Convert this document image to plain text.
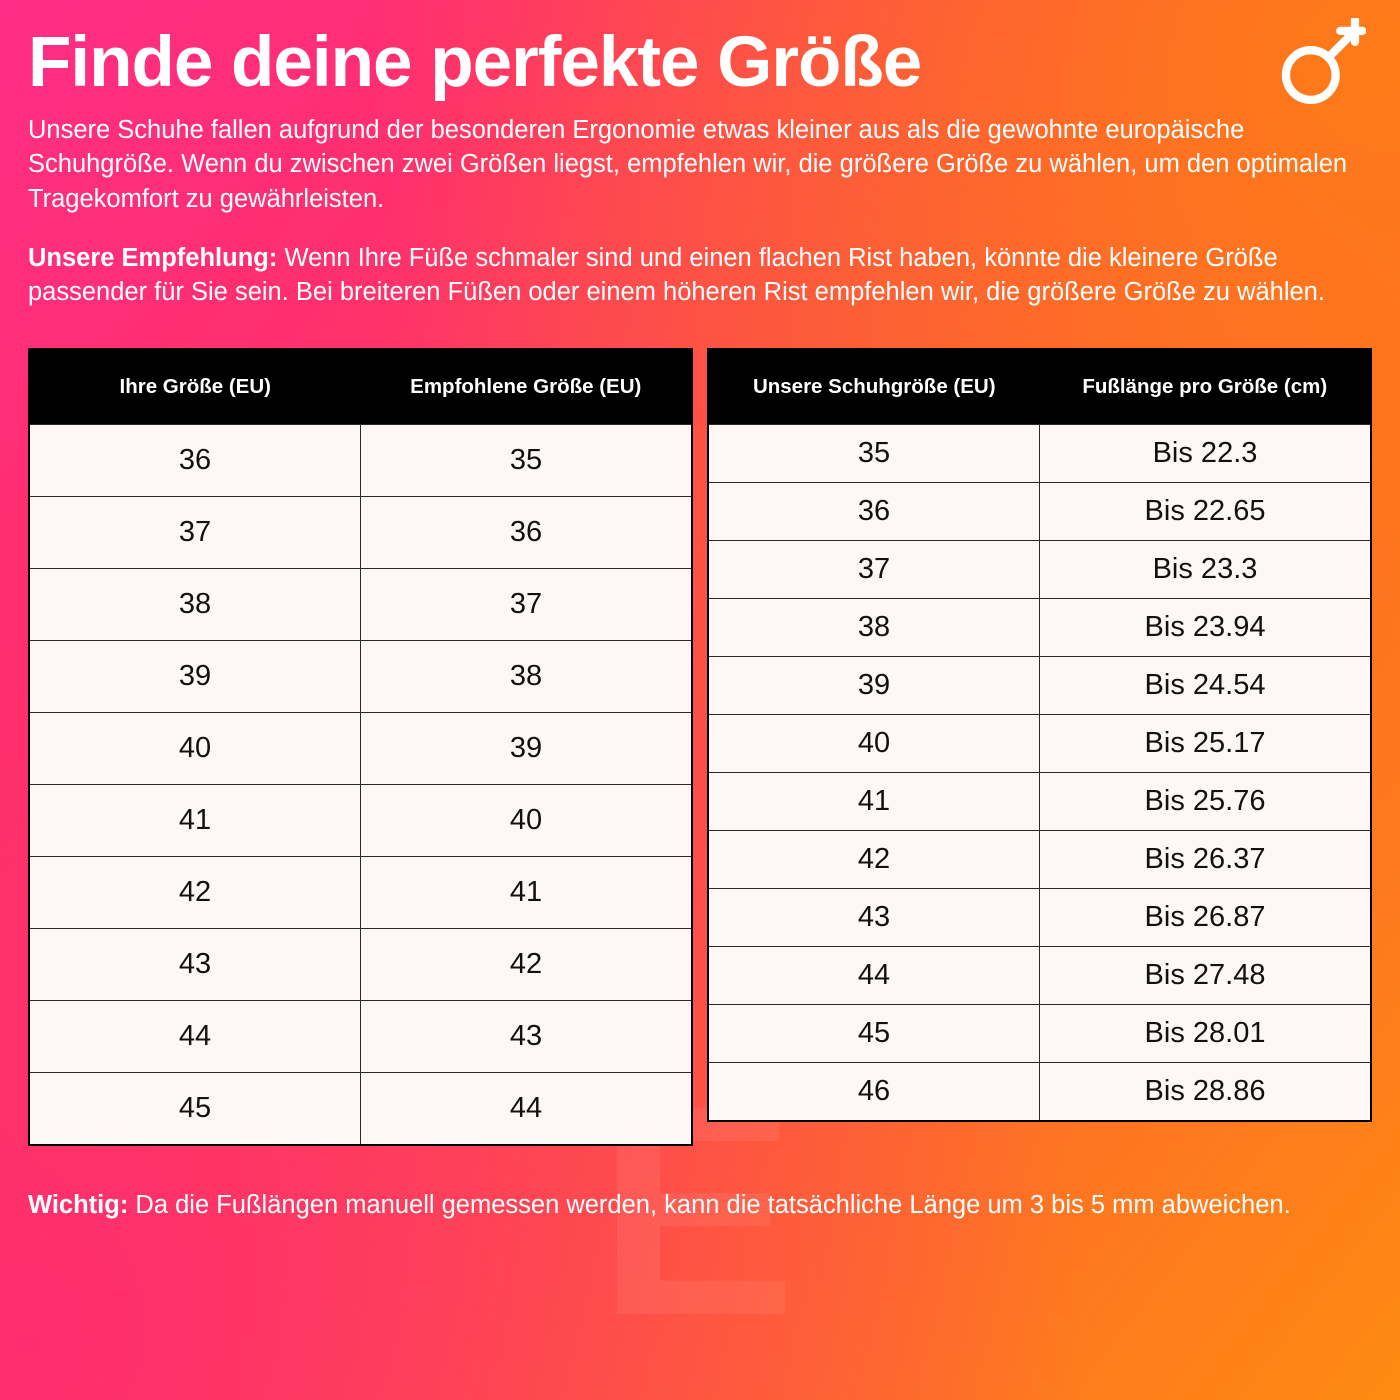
E
Finde deine perfekte Größe

Unsere Schuhe fallen aufgrund der besonderen Ergonomie etwas kleiner aus als die gewohnte europäische Schuhgröße. Wenn du zwischen zwei Größen liegst, empfehlen wir, die größere Größe zu wählen, um den optimalen Tragekomfort zu gewährleisten.

Unsere Empfehlung: Wenn Ihre Füße schmaler sind und einen flachen Rist haben, könnte die kleinere Größe passender für Sie sein. Bei breiteren Füßen oder einem höheren Rist empfehlen wir, die größere Größe zu wählen.

Ihre Größe (EU)	Empfohlene Größe (EU)
36	35
37	36
38	37
39	38
40	39
41	40
42	41
43	42
44	43
45	44
Unsere Schuhgröße (EU)	Fußlänge pro Größe (cm)
35	Bis 22.3
36	Bis 22.65
37	Bis 23.3
38	Bis 23.94
39	Bis 24.54
40	Bis 25.17
41	Bis 25.76
42	Bis 26.37
43	Bis 26.87
44	Bis 27.48
45	Bis 28.01
46	Bis 28.86

Wichtig: Da die Fußlängen manuell gemessen werden, kann die tatsächliche Länge um 3 bis 5 mm abweichen.
